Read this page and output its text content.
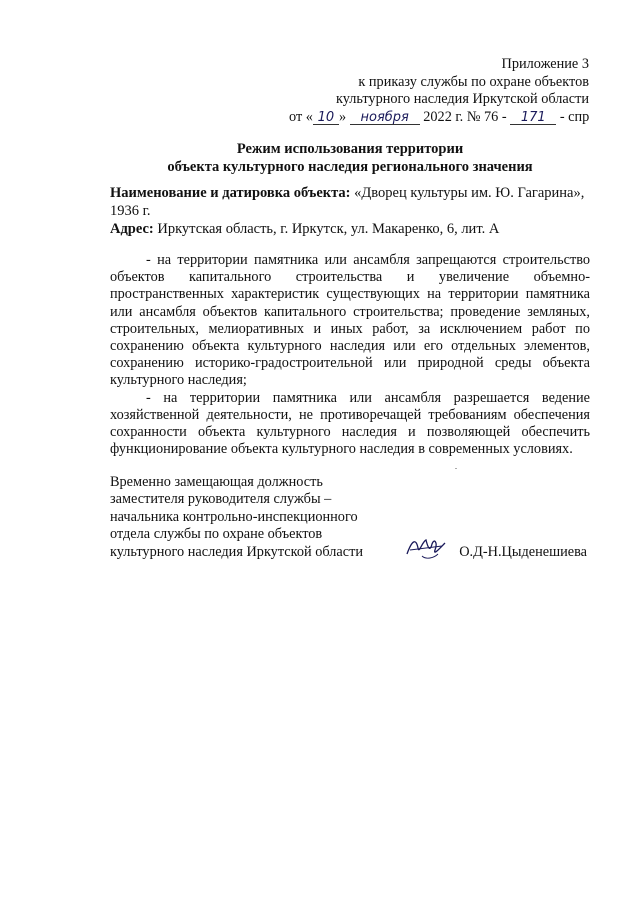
Приложение 3
к приказу службы по охране объектов
культурного наследия Иркутской области
от « 10 » ноября 2022 г. № 76 - 171 - спр
Режим использования территории
объекта культурного наследия регионального значения
Наименование и датировка объекта: «Дворец культуры им. Ю. Гагарина», 1936 г.
Адрес: Иркутская область, г. Иркутск, ул. Макаренко, 6, лит. А

- на территории памятника или ансамбля запрещаются строительство объектов капитального строительства и увеличение объемно-пространственных характеристик существующих на территории памятника или ансамбля объектов капитального строительства; проведение земляных, строительных, мелиоративных и иных работ, за исключением работ по сохранению объекта культурного наследия или его отдельных элементов, сохранению историко-градостроительной или природной среды объекта культурного наследия;

- на территории памятника или ансамбля разрешается ведение хозяйственной деятельности, не противоречащей требованиям обеспечения сохранности объекта культурного наследия и позволяющей обеспечить функционирование объекта культурного наследия в современных условиях.

Временно замещающая должность
заместителя руководителя службы –
начальника контрольно-инспекционного
отдела службы по охране объектов
культурного наследия Иркутской области	О.Д-Н.Цыденешиева
